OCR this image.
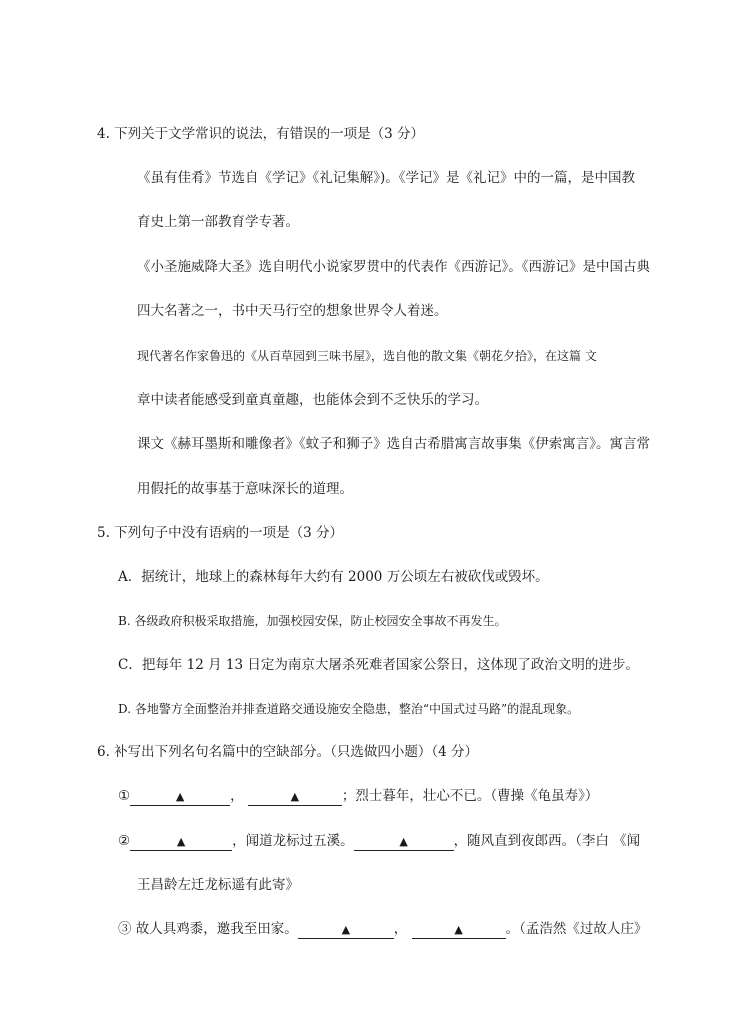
4. 下列关于文学常识的说法，有错误的一项是（3 分）
《虽有佳肴》节选自《学记》《礼记集解》)。《学记》是《礼记》中的一篇，是中国教
育史上第一部教育学专著。
《小圣施威降大圣》选自明代小说家罗贯中的代表作《西游记》。《西游记》是中国古典
四大名著之一，书中天马行空的想象世界令人着迷。
现代著名作家鲁迅的《从百草园到三味书屋》，选自他的散文集《朝花夕拾》，在这篇 文
章中读者能感受到童真童趣，也能体会到不乏快乐的学习。
课文《赫耳墨斯和雕像者》《蚊子和狮子》选自古希腊寓言故事集《伊索寓言》。寓言常
用假托的故事基于意味深长的道理。
5. 下列句子中没有语病的一项是（3 分）
A．据统计，地球上的森林每年大约有 2000 万公顷左右被砍伐或毁坏。
B. 各级政府积极采取措施，加强校园安保，防止校园安全事故不再发生。
C．把每年 12 月 13 日定为南京大屠杀死难者国家公祭日，这体现了政治文明的进步。
D. 各地警方全面整治并排查道路交通设施安全隐患，整治“中国式过马路”的混乱现象。
6. 补写出下列名句名篇中的空缺部分。（只选做四小题）（4 分）
①	▲	，	▲	；烈士暮年，壮心不已。（曹操《龟虽寿》）
②	▲	，闻道龙标过五溪。	▲	，随风直到夜郎西。（李白 《闻
王昌龄左迁龙标遥有此寄》
③ 故人具鸡黍，邀我至田家。	▲	，	▲	。（孟浩然《过故人庄》
